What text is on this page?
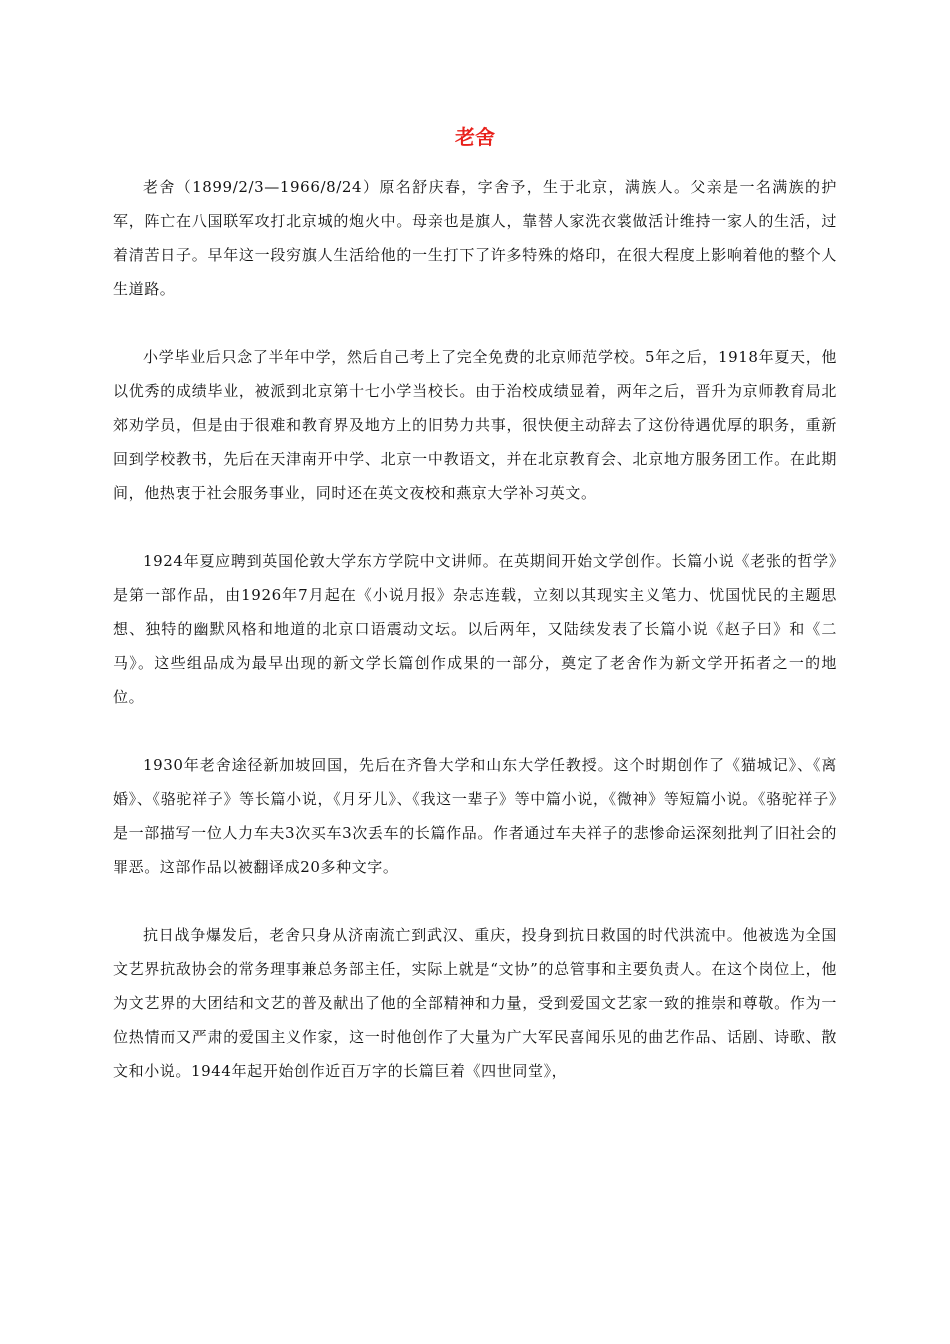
老舍

老舍（1899/2/3—1966/8/24）原名舒庆春，字舍予，生于北京，满族人。父亲是一名满族的护军，阵亡在八国联军攻打北京城的炮火中。母亲也是旗人，靠替人家洗衣裳做活计维持一家人的生活，过着清苦日子。早年这一段穷旗人生活给他的一生打下了许多特殊的烙印，在很大程度上影响着他的整个人生道路。

小学毕业后只念了半年中学，然后自己考上了完全免费的北京师范学校。5年之后，1918年夏天，他以优秀的成绩毕业，被派到北京第十七小学当校长。由于治校成绩显着，两年之后，晋升为京师教育局北郊劝学员，但是由于很难和教育界及地方上的旧势力共事，很快便主动辞去了这份待遇优厚的职务，重新回到学校教书，先后在天津南开中学、北京一中教语文，并在北京教育会、北京地方服务团工作。在此期间，他热衷于社会服务事业，同时还在英文夜校和燕京大学补习英文。

1924年夏应聘到英国伦敦大学东方学院中文讲师。在英期间开始文学创作。长篇小说《老张的哲学》是第一部作品，由1926年7月起在《小说月报》杂志连载，立刻以其现实主义笔力、忧国忧民的主题思想、独特的幽默风格和地道的北京口语震动文坛。以后两年，又陆续发表了长篇小说《赵子曰》和《二马》。这些组品成为最早出现的新文学长篇创作成果的一部分，奠定了老舍作为新文学开拓者之一的地位。

1930年老舍途径新加坡回国，先后在齐鲁大学和山东大学任教授。这个时期创作了《猫城记》、《离婚》、《骆驼祥子》等长篇小说，《月牙儿》、《我这一辈子》等中篇小说，《微神》等短篇小说。《骆驼祥子》是一部描写一位人力车夫3次买车3次丢车的长篇作品。作者通过车夫祥子的悲惨命运深刻批判了旧社会的罪恶。这部作品以被翻译成20多种文字。

抗日战争爆发后，老舍只身从济南流亡到武汉、重庆，投身到抗日救国的时代洪流中。他被选为全国文艺界抗敌协会的常务理事兼总务部主任，实际上就是“文协”的总管事和主要负责人。在这个岗位上，他为文艺界的大团结和文艺的普及献出了他的全部精神和力量，受到爱国文艺家一致的推崇和尊敬。作为一位热情而又严肃的爱国主义作家，这一时他创作了大量为广大军民喜闻乐见的曲艺作品、话剧、诗歌、散文和小说。1944年起开始创作近百万字的长篇巨着《四世同堂》，
